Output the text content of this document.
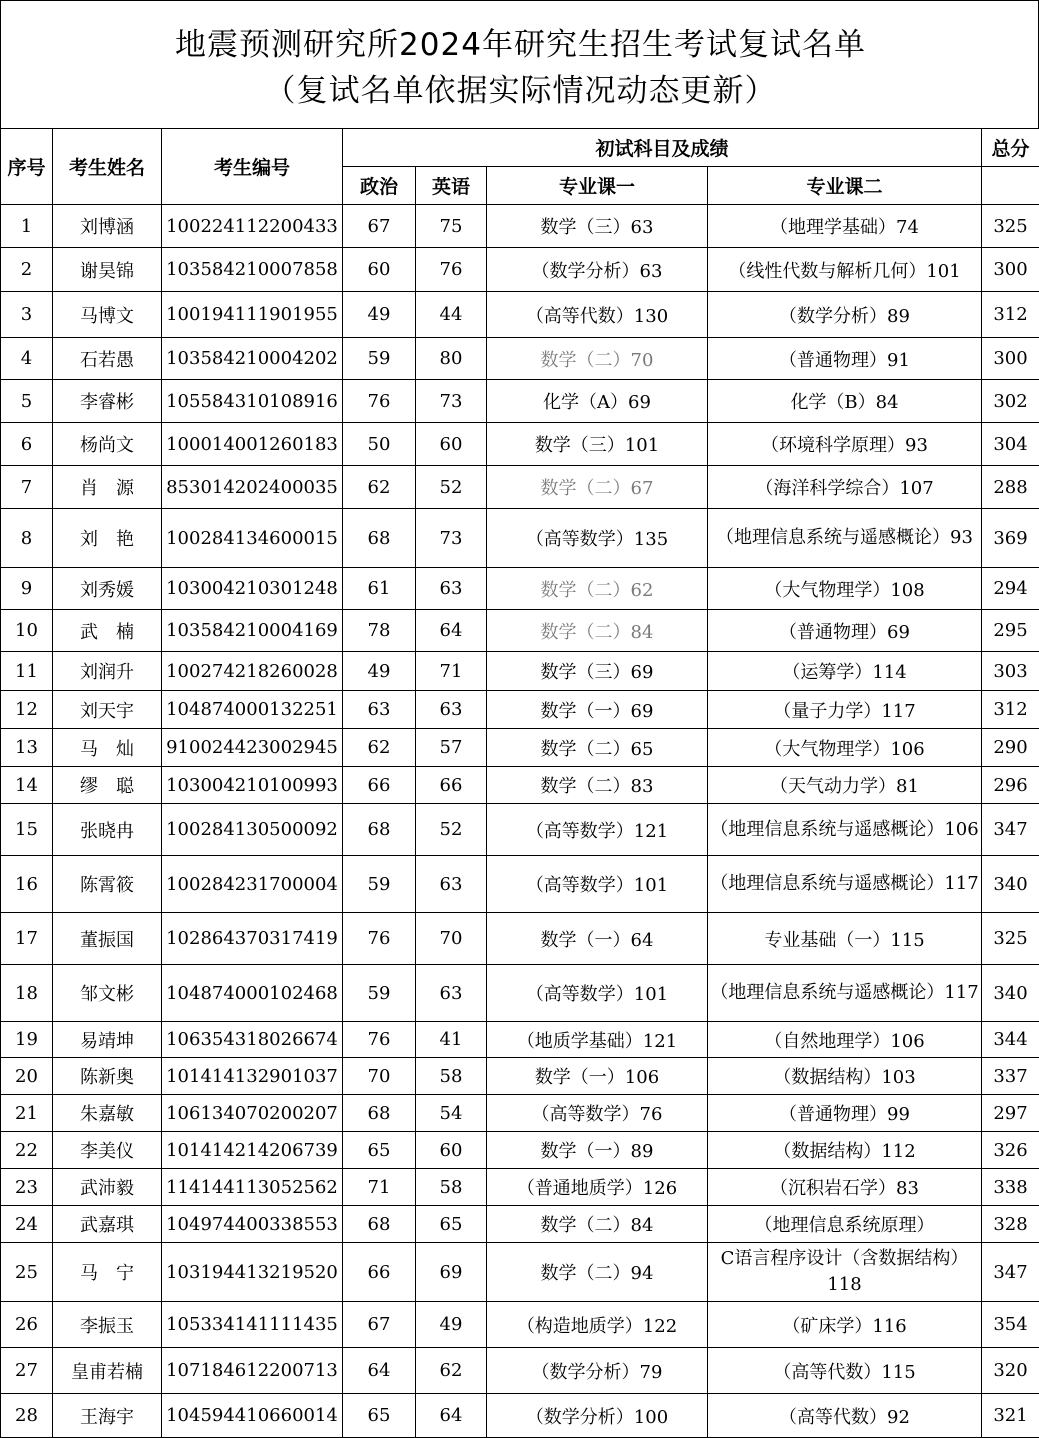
地震预测研究所2024年研究生招生考试复试名单
（复试名单依据实际情况动态更新）
序号	考生姓名	考生编号	初试科目及成绩				总分
			政治	英语	专业课一	专业课二	
1	刘博涵	100224112200433	67	75	数学（三）63	（地理学基础）74	325
2	谢昊锦	103584210007858	60	76	（数学分析）63	（线性代数与解析几何）101	300
3	马博文	100194111901955	49	44	（高等代数）130	（数学分析）89	312
4	石若愚	103584210004202	59	80	数学（二）70	（普通物理）91	300
5	李睿彬	105584310108916	76	73	化学（A）69	化学（B）84	302
6	杨尚文	100014001260183	50	60	数学（三）101	（环境科学原理）93	304
7	肖　源	853014202400035	62	52	数学（二）67	（海洋科学综合）107	288
8	刘　艳	100284134600015	68	73	（高等数学）135	（地理信息系统与遥感概论）93	369
9	刘秀媛	103004210301248	61	63	数学（二）62	（大气物理学）108	294
10	武　楠	103584210004169	78	64	数学（二）84	（普通物理）69	295
11	刘润升	100274218260028	49	71	数学（三）69	（运筹学）114	303
12	刘天宇	104874000132251	63	63	数学（一）69	（量子力学）117	312
13	马　灿	910024423002945	62	57	数学（二）65	（大气物理学）106	290
14	缪　聪	103004210100993	66	66	数学（二）83	（天气动力学）81	296
15	张晓冉	100284130500092	68	52	（高等数学）121	（地理信息系统与遥感概论）106	347
16	陈霄筱	100284231700004	59	63	（高等数学）101	（地理信息系统与遥感概论）117	340
17	董振国	102864370317419	76	70	数学（一）64	专业基础（一）115	325
18	邹文彬	104874000102468	59	63	（高等数学）101	（地理信息系统与遥感概论）117	340
19	易靖坤	106354318026674	76	41	（地质学基础）121	（自然地理学）106	344
20	陈新奥	101414132901037	70	58	数学（一）106	（数据结构）103	337
21	朱嘉敏	106134070200207	68	54	（高等数学）76	（普通物理）99	297
22	李美仪	101414214206739	65	60	数学（一）89	（数据结构）112	326
23	武沛毅	114144113052562	71	58	（普通地质学）126	（沉积岩石学）83	338
24	武嘉琪	104974400338553	68	65	数学（二）84	（地理信息系统原理）	328
25	马　宁	103194413219520	66	69	数学（二）94	C语言程序设计（含数据结构）118	347
26	李振玉	105334141111435	67	49	（构造地质学）122	（矿床学）116	354
27	皇甫若楠	107184612200713	64	62	（数学分析）79	（高等代数）115	320
28	王海宇	104594410660014	65	64	（数学分析）100	（高等代数）92	321
